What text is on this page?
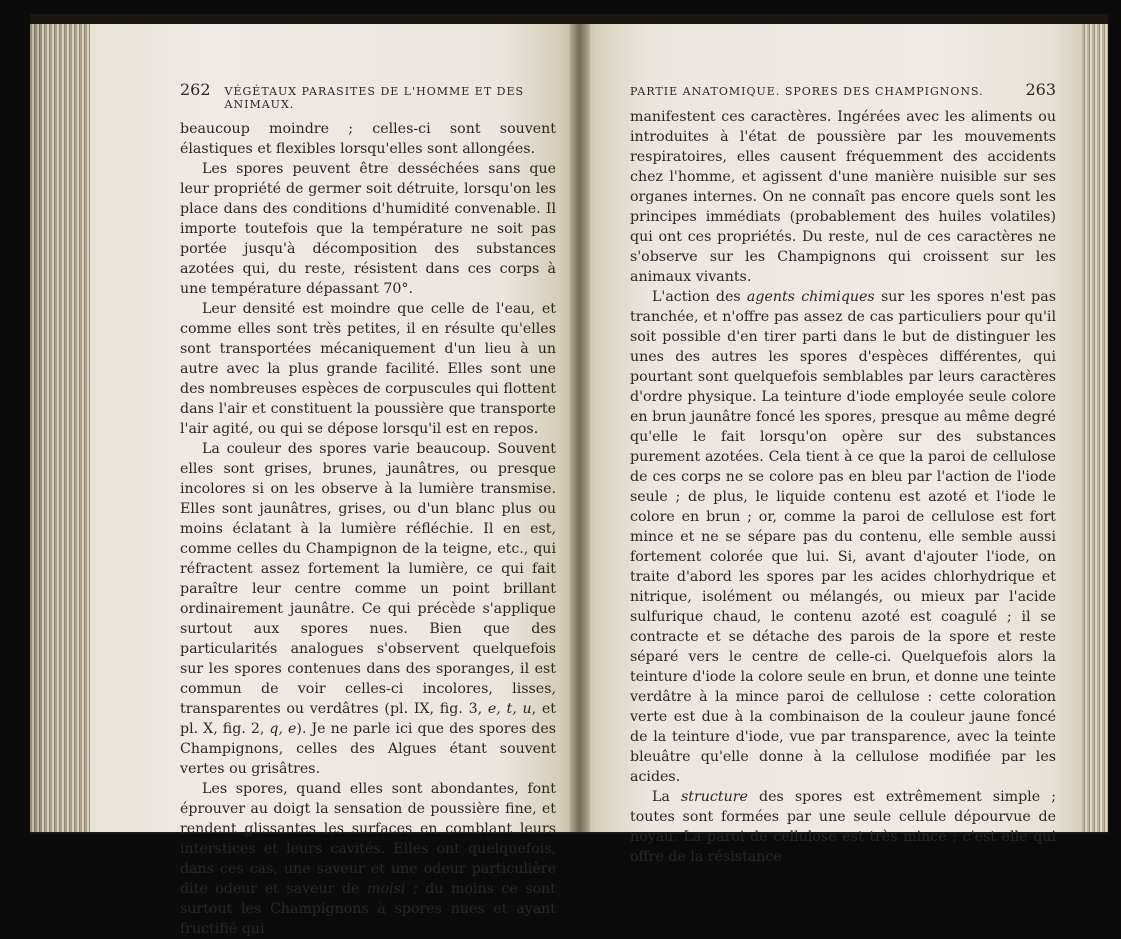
262 VÉGÉTAUX PARASITES DE L'HOMME ET DES ANIMAUX.

beaucoup moindre ; celles-ci sont souvent élastiques et flexibles lorsqu'elles sont allongées.

Les spores peuvent être desséchées sans que leur propriété de germer soit détruite, lorsqu'on les place dans des conditions d'humidité convenable. Il importe toutefois que la température ne soit pas portée jusqu'à décomposition des substances azotées qui, du reste, résistent dans ces corps à une température dépassant 70°.

Leur densité est moindre que celle de l'eau, et comme elles sont très petites, il en résulte qu'elles sont transportées mécaniquement d'un lieu à un autre avec la plus grande facilité. Elles sont une des nombreuses espèces de corpuscules qui flottent dans l'air et constituent la poussière que transporte l'air agité, ou qui se dépose lorsqu'il est en repos.

La couleur des spores varie beaucoup. Souvent elles sont grises, brunes, jaunâtres, ou presque incolores si on les observe à la lumière transmise. Elles sont jaunâtres, grises, ou d'un blanc plus ou moins éclatant à la lumière réfléchie. Il en est, comme celles du Champignon de la teigne, etc., qui réfractent assez fortement la lumière, ce qui fait paraître leur centre comme un point brillant ordinairement jaunâtre. Ce qui précède s'applique surtout aux spores nues. Bien que des particularités analogues s'observent quelquefois sur les spores contenues dans des sporanges, il est commun de voir celles-ci incolores, lisses, transparentes ou verdâtres (pl. IX, fig. 3, e, t, u, et pl. X, fig. 2, q, e). Je ne parle ici que des spores des Champignons, celles des Algues étant souvent vertes ou grisâtres.

Les spores, quand elles sont abondantes, font éprouver au doigt la sensation de poussière fine, et rendent glissantes les surfaces en comblant leurs interstices et leurs cavités. Elles ont quelquefois, dans ces cas, une saveur et une odeur particulière dite odeur et saveur de moisi ; du moins ce sont surtout les Champignons à spores nues et ayant fructifié qui

PARTIE ANATOMIQUE. SPORES DES CHAMPIGNONS.	263

manifestent ces caractères. Ingérées avec les aliments ou introduites à l'état de poussière par les mouvements respiratoires, elles causent fréquemment des accidents chez l'homme, et agissent d'une manière nuisible sur ses organes internes. On ne connaît pas encore quels sont les principes immédiats (probablement des huiles volatiles) qui ont ces propriétés. Du reste, nul de ces caractères ne s'observe sur les Champignons qui croissent sur les animaux vivants.

L'action des agents chimiques sur les spores n'est pas tranchée, et n'offre pas assez de cas particuliers pour qu'il soit possible d'en tirer parti dans le but de distinguer les unes des autres les spores d'espèces différentes, qui pourtant sont quelquefois semblables par leurs caractères d'ordre physique. La teinture d'iode employée seule colore en brun jaunâtre foncé les spores, presque au même degré qu'elle le fait lorsqu'on opère sur des substances purement azotées. Cela tient à ce que la paroi de cellulose de ces corps ne se colore pas en bleu par l'action de l'iode seule ; de plus, le liquide contenu est azoté et l'iode le colore en brun ; or, comme la paroi de cellulose est fort mince et ne se sépare pas du contenu, elle semble aussi fortement colorée que lui. Si, avant d'ajouter l'iode, on traite d'abord les spores par les acides chlorhydrique et nitrique, isolément ou mélangés, ou mieux par l'acide sulfurique chaud, le contenu azoté est coagulé ; il se contracte et se détache des parois de la spore et reste séparé vers le centre de celle-ci. Quelquefois alors la teinture d'iode la colore seule en brun, et donne une teinte verdâtre à la mince paroi de cellulose : cette coloration verte est due à la combinaison de la couleur jaune foncé de la teinture d'iode, vue par transparence, avec la teinte bleuâtre qu'elle donne à la cellulose modifiée par les acides.

La structure des spores est extrêmement simple ; toutes sont formées par une seule cellule dépourvue de noyau. La paroi de cellulose est très mince ; c'est elle qui offre de la résistance
